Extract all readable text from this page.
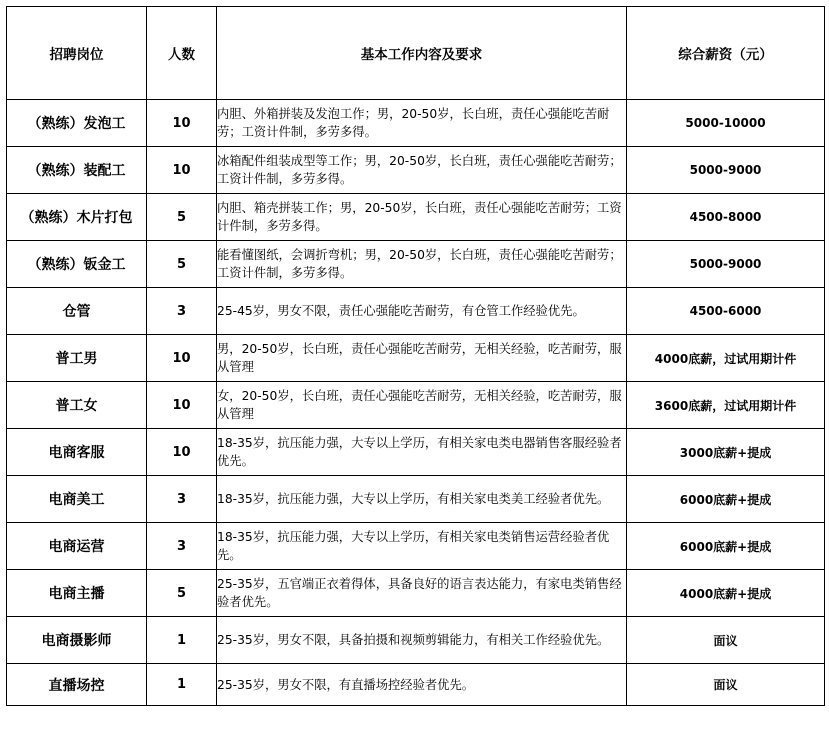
招聘岗位	人数	基本工作内容及要求	综合薪资（元）
（熟练）发泡工	10	内胆、外箱拼装及发泡工作；男，20-50岁，长白班，责任心强能吃苦耐劳；工资计件制，多劳多得。	5000-10000
（熟练）装配工	10	冰箱配件组装成型等工作；男，20-50岁，长白班，责任心强能吃苦耐劳；工资计件制，多劳多得。	5000-9000
（熟练）木片打包	5	内胆、箱壳拼装工作；男，20-50岁，长白班，责任心强能吃苦耐劳；工资计件制，多劳多得。	4500-8000
（熟练）钣金工	5	能看懂图纸，会调折弯机；男，20-50岁，长白班，责任心强能吃苦耐劳；工资计件制，多劳多得。	5000-9000
仓管	3	25-45岁，男女不限，责任心强能吃苦耐劳，有仓管工作经验优先。	4500-6000
普工男	10	男，20-50岁，长白班，责任心强能吃苦耐劳，无相关经验，吃苦耐劳，服从管理	4000底薪，过试用期计件
普工女	10	女，20-50岁，长白班，责任心强能吃苦耐劳，无相关经验，吃苦耐劳，服从管理	3600底薪，过试用期计件
电商客服	10	18-35岁，抗压能力强，大专以上学历，有相关家电类电器销售客服经验者优先。	3000底薪+提成
电商美工	3	18-35岁，抗压能力强，大专以上学历，有相关家电类美工经验者优先。	6000底薪+提成
电商运营	3	18-35岁，抗压能力强，大专以上学历，有相关家电类销售运营经验者优先。	6000底薪+提成
电商主播	5	25-35岁，五官端正衣着得体，具备良好的语言表达能力，有家电类销售经验者优先。	4000底薪+提成
电商摄影师	1	25-35岁，男女不限，具备拍摄和视频剪辑能力，有相关工作经验优先。	面议
直播场控	1	25-35岁，男女不限，有直播场控经验者优先。	面议
